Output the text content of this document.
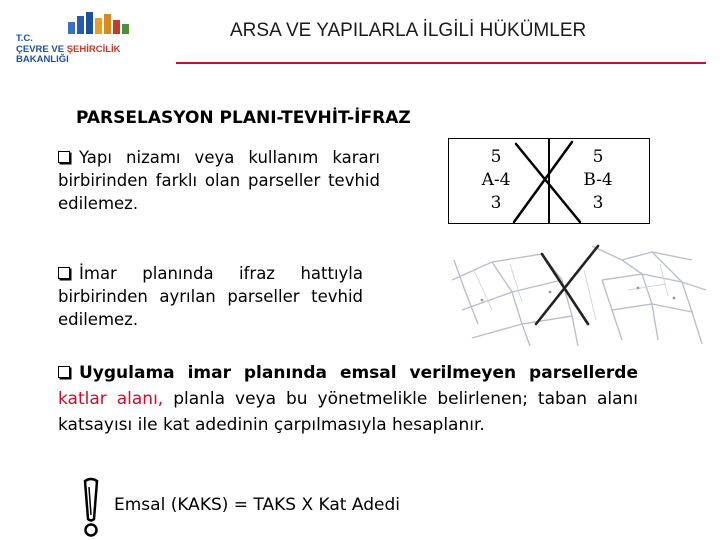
T.C.
ÇEVRE VE ŞEHİRCİLİK
BAKANLIĞI
ARSA VE YAPILARLA İLGİLİ HÜKÜMLER
PARSELASYON PLANI-TEVHİT-İFRAZ
Yapı nizamı veya kullanım kararı birbirinden farklı olan parseller tevhid edilemez.
İmar planında ifraz hattıyla birbirinden ayrılan parseller tevhid edilemez.
5
A-4
3
5
B-4
3
Uygulama imar planında emsal verilmeyen parsellerde katlar alanı, planla veya bu yönetmelikle belirlenen; taban alanı katsayısı ile kat adedinin çarpılmasıyla hesaplanır.
Emsal (KAKS) = TAKS X Kat Adedi
